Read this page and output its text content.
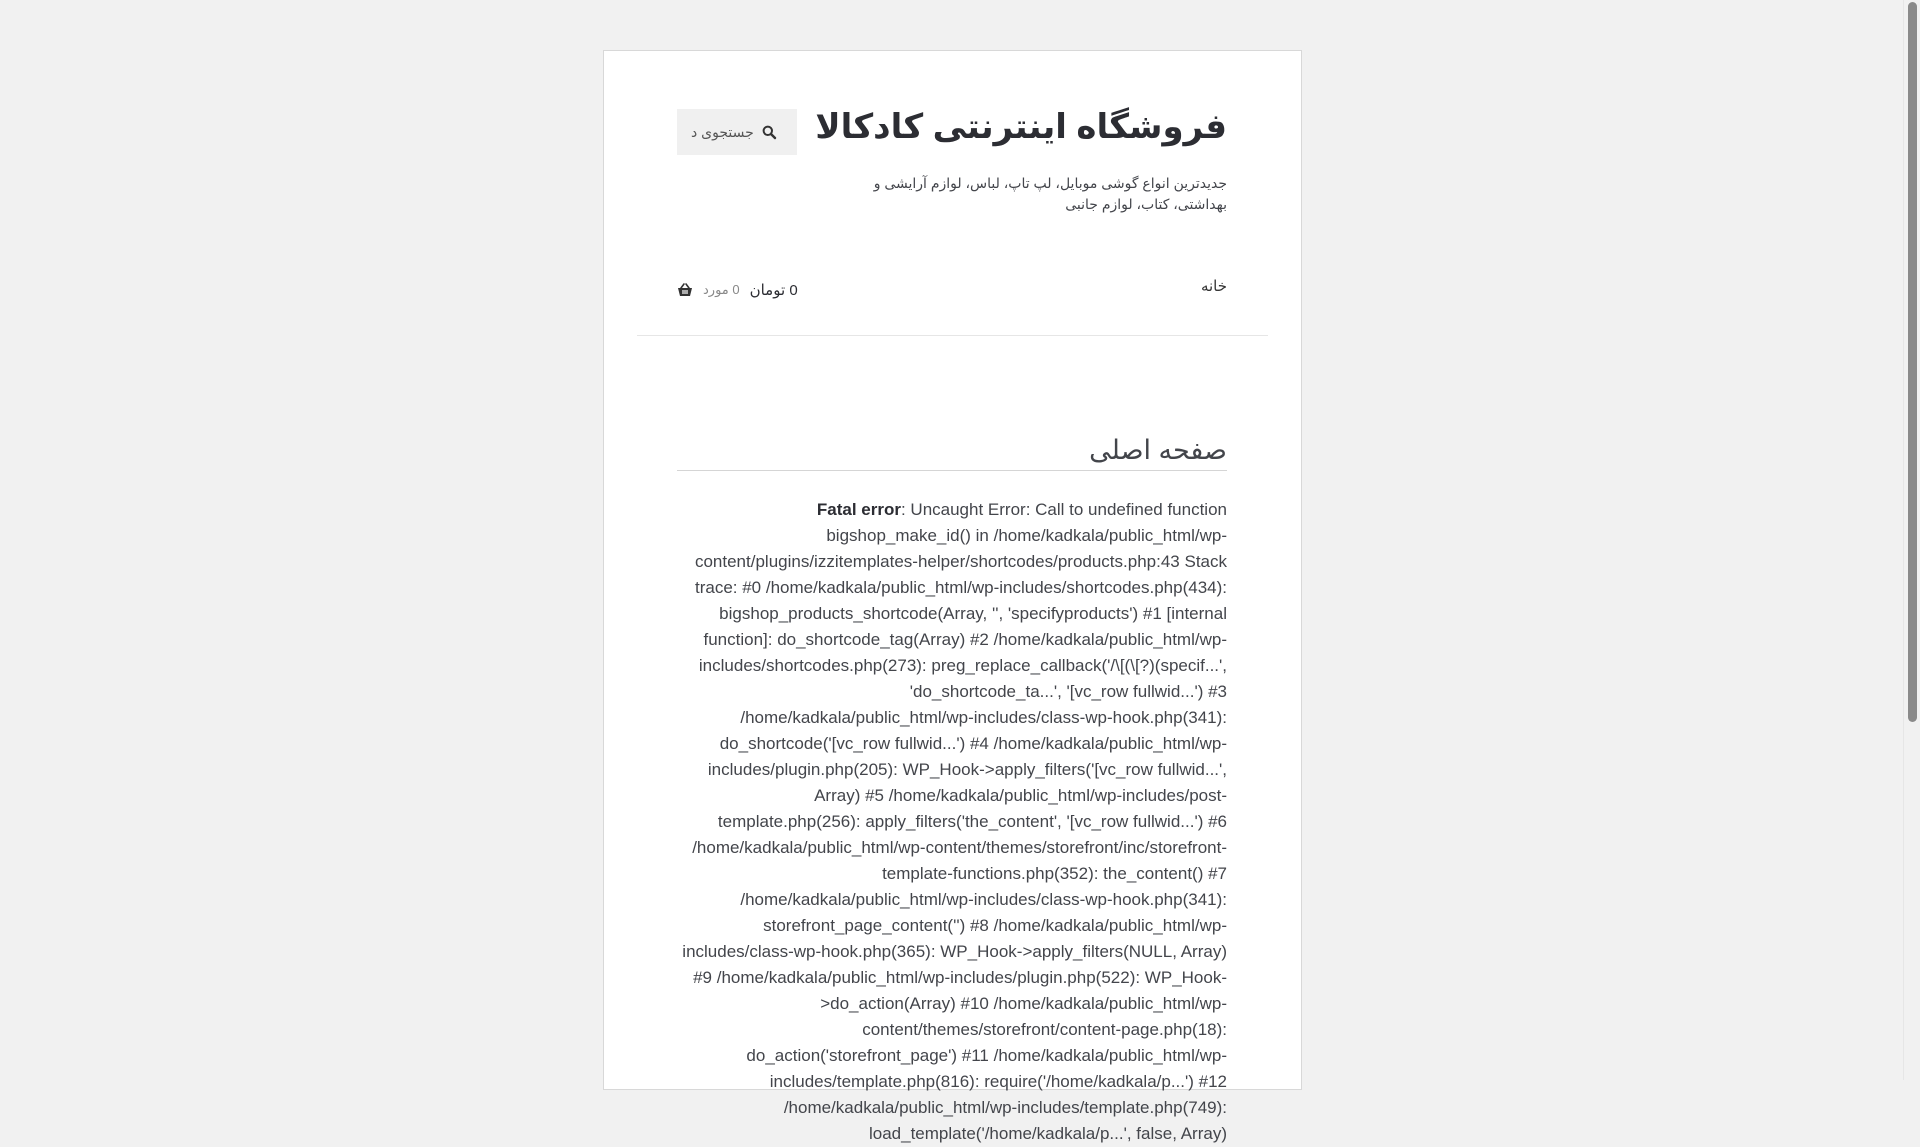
فروشگاه اینترنتی کادکالا

جدیدترین انواع گوشی موبایل، لپ تاپ، لباس، لوازم آرایشی و بهداشتی، کتاب، لوازم جانبی

جستجوی د
خانه
0 تومان
0 مورد
صفحه اصلی

Fatal error: Uncaught Error: Call to undefined function bigshop_make_id() in /home/kadkala/public_html/wp-content/plugins/izzitemplates-helper/shortcodes/products.php:43 Stack trace: #0 /home/kadkala/public_html/wp-includes/shortcodes.php(434): bigshop_products_shortcode(Array, '', 'specifyproducts') #1 [internal function]: do_shortcode_tag(Array) #2 /home/kadkala/public_html/wp-includes/shortcodes.php(273): preg_replace_callback('/\[(\[?)(specif...', 'do_shortcode_ta...', '[vc_row fullwid...') #3 /home/kadkala/public_html/wp-includes/class-wp-hook.php(341): do_shortcode('[vc_row fullwid...') #4 /home/kadkala/public_html/wp-includes/plugin.php(205): WP_Hook->apply_filters('[vc_row fullwid...', Array) #5 /home/kadkala/public_html/wp-includes/post-template.php(256): apply_filters('the_content', '[vc_row fullwid...') #6 /home/kadkala/public_html/wp-content/themes/storefront/inc/storefront-template-functions.php(352): the_content() #7 /home/kadkala/public_html/wp-includes/class-wp-hook.php(341): storefront_page_content('') #8 /home/kadkala/public_html/wp-includes/class-wp-hook.php(365): WP_Hook->apply_filters(NULL, Array) #9 /home/kadkala/public_html/wp-includes/plugin.php(522): WP_Hook->do_action(Array) #10 /home/kadkala/public_html/wp-content/themes/storefront/content-page.php(18): do_action('storefront_page') #11 /home/kadkala/public_html/wp-includes/template.php(816): require('/home/kadkala/p...') #12 /home/kadkala/public_html/wp-includes/template.php(749): load_template('/home/kadkala/p...', false, Array)
